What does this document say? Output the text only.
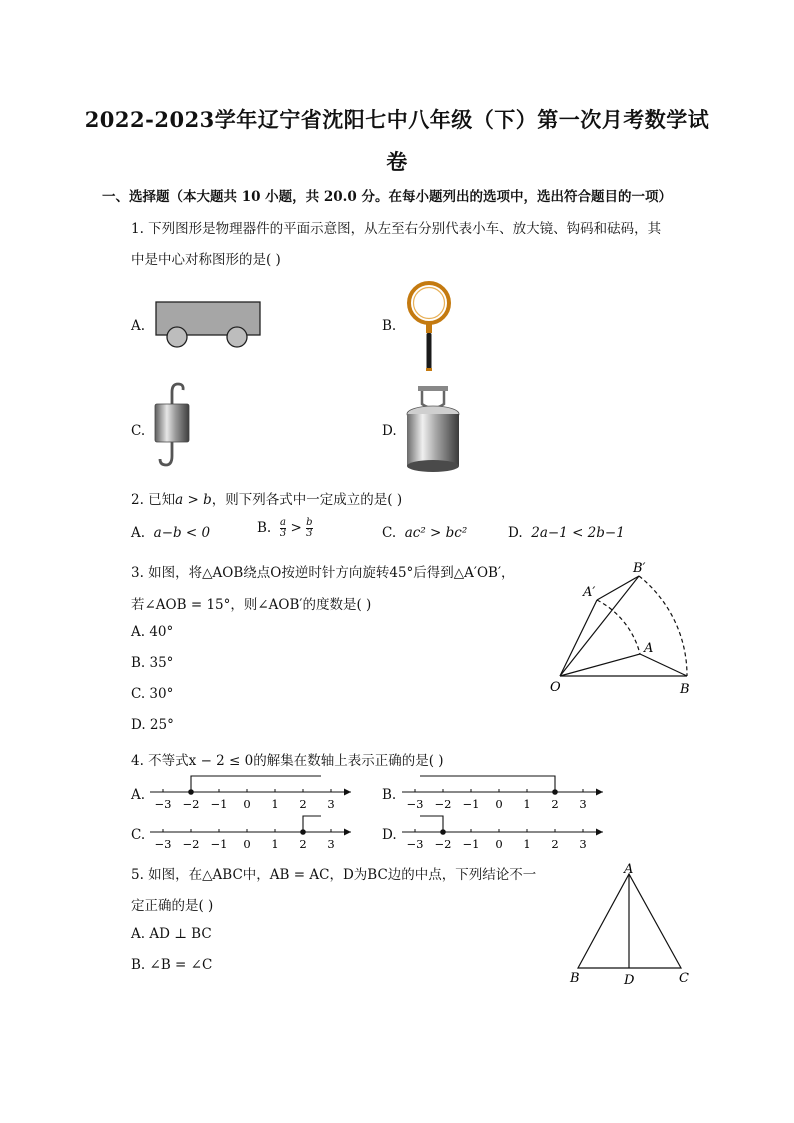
2022-2023学年辽宁省沈阳七中八年级（下）第一次月考数学试
卷
一、选择题（本大题共 10 小题，共 20.0 分。在每小题列出的选项中，选出符合题目的一项）
1. 下列图形是物理器件的平面示意图，从左至右分别代表小车、放大镜、钩码和砝码，其
中是中心对称图形的是( )
A.	B.
C.	D.
2. 已知a > b，则下列各式中一定成立的是( )
A. a−b < 0	B. $\frac{a}{3} > \frac{b}{3}$	C. ac² > bc²	D. 2a−1 < 2b−1
3. 如图，将△AOB绕点O按逆时针方向旋转45°后得到△A′OB′，
若∠AOB = 15°，则∠AOB′的度数是( )
A. 40°
B. 35°
C. 30°
D. 25°
O	B
A
A′
B′
4. 不等式x − 2 ≤ 0的解集在数轴上表示正确的是( )
A.
−3 −2 −1 0 1 2 3
B.
−3 −2 −1 0 1 2 3
C.
−3 −2 −1 0 1 2 3
D.
−3 −2 −1 0 1 2 3
5. 如图，在△ABC中，AB = AC，D为BC边的中点，下列结论不一
定正确的是( )
A. AD ⊥ BC
B. ∠B = ∠C
A
B	D	C
